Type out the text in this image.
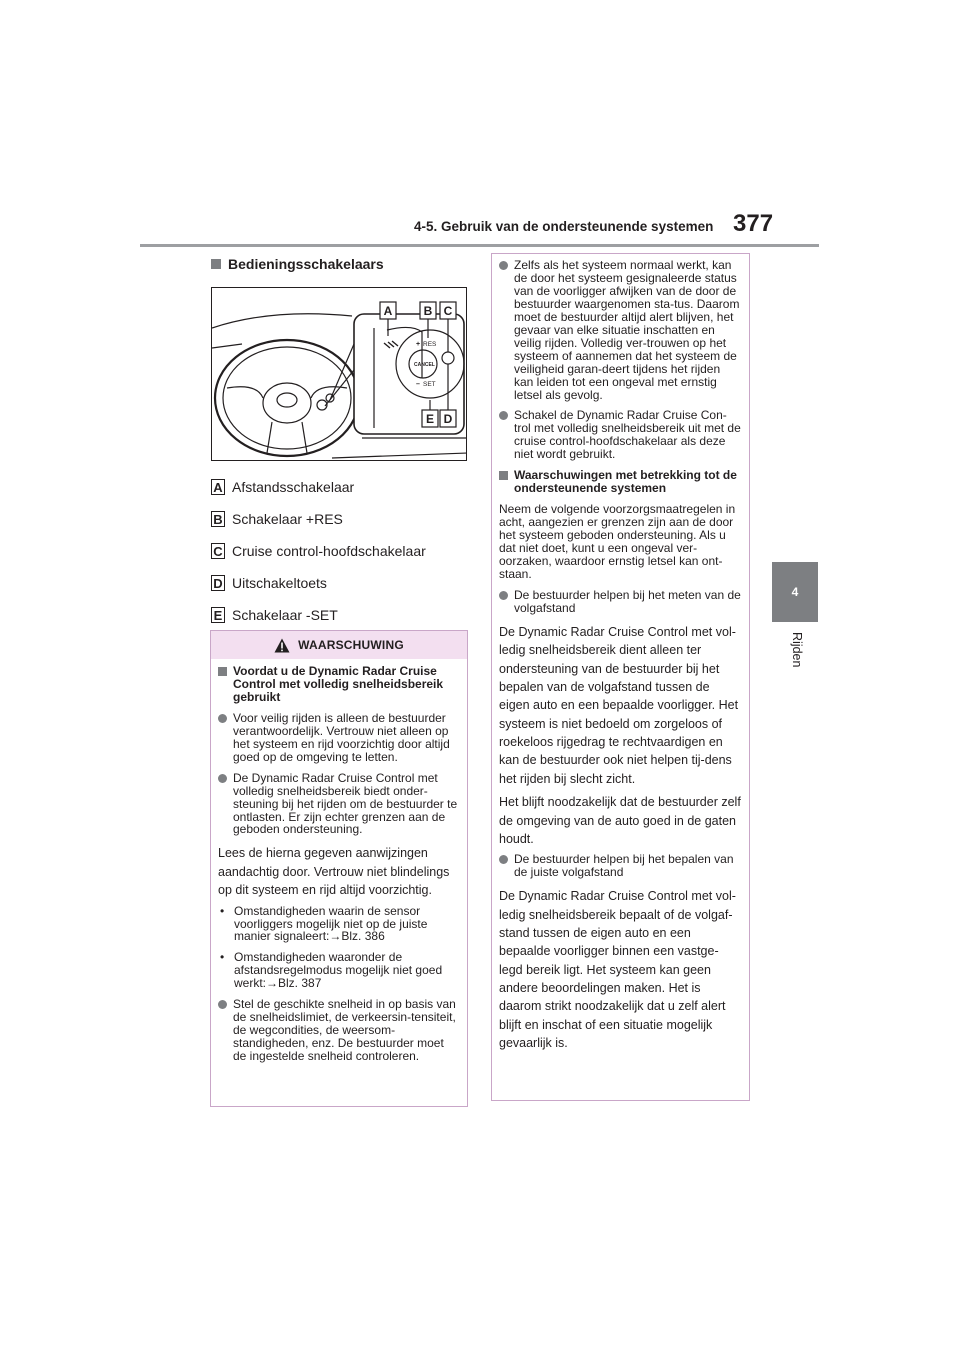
4-5. Gebruik van de ondersteunende systemen 377
4
Rijden
Bedieningsschakelaars
+ RES
CANCEL
– SET
A	B C
E D
A Afstandsschakelaar
B Schakelaar +RES
C Cruise control-hoofdschakelaar
D Uitschakeltoets
E Schakelaar -SET
WAARSCHUWING
Voordat u de Dynamic Radar Cruise Control met volledig snelheidsbereik gebruikt
Voor veilig rijden is alleen de bestuurder verantwoordelijk. Vertrouw niet alleen op het systeem en rijd voorzichtig door altijd goed op de omgeving te letten.
De Dynamic Radar Cruise Control met volledig snelheidsbereik biedt onder-steuning bij het rijden om de bestuurder te ontlasten. Er zijn echter grenzen aan de geboden ondersteuning.
Lees de hierna gegeven aanwijzingen aandachtig door. Vertrouw niet blindelings op dit systeem en rijd altijd voorzichtig.
• Omstandigheden waarin de sensor voorliggers mogelijk niet op de juiste manier signaleert:→Blz. 386
• Omstandigheden waaronder de afstandsregelmodus mogelijk niet goed werkt:→Blz. 387
Stel de geschikte snelheid in op basis van de snelheidslimiet, de verkeersin-tensiteit, de wegcondities, de weersom-standigheden, enz. De bestuurder moet de ingestelde snelheid controleren.
Zelfs als het systeem normaal werkt, kan de door het systeem gesignaleerde status van de voorligger afwijken van de door de bestuurder waargenomen sta-tus. Daarom moet de bestuurder altijd alert blijven, het gevaar van elke situatie inschatten en veilig rijden. Volledig ver-trouwen op het systeem of aannemen dat het systeem de veiligheid garan-deert tijdens het rijden kan leiden tot een ongeval met ernstig letsel als gevolg.
Schakel de Dynamic Radar Cruise Con-trol met volledig snelheidsbereik uit met de cruise control-hoofdschakelaar als deze niet wordt gebruikt.
Waarschuwingen met betrekking tot de ondersteunende systemen
Neem de volgende voorzorgsmaatregelen in acht, aangezien er grenzen zijn aan de door het systeem geboden ondersteuning. Als u dat niet doet, kunt u een ongeval ver-oorzaken, waardoor ernstig letsel kan ont-staan.
De bestuurder helpen bij het meten van de volgafstand
De Dynamic Radar Cruise Control met vol-ledig snelheidsbereik dient alleen ter ondersteuning van de bestuurder bij het bepalen van de volgafstand tussen de eigen auto en een bepaalde voorligger. Het systeem is niet bedoeld om zorgeloos of roekeloos rijgedrag te rechtvaardigen en kan de bestuurder ook niet helpen tij-dens het rijden bij slecht zicht.
Het blijft noodzakelijk dat de bestuurder zelf de omgeving van de auto goed in de gaten houdt.
De bestuurder helpen bij het bepalen van de juiste volgafstand
De Dynamic Radar Cruise Control met vol-ledig snelheidsbereik bepaalt of de volgaf-stand tussen de eigen auto en een bepaalde voorligger binnen een vastge-legd bereik ligt. Het systeem kan geen andere beoordelingen maken. Het is daarom strikt noodzakelijk dat u zelf alert blijft en inschat of een situatie mogelijk gevaarlijk is.
